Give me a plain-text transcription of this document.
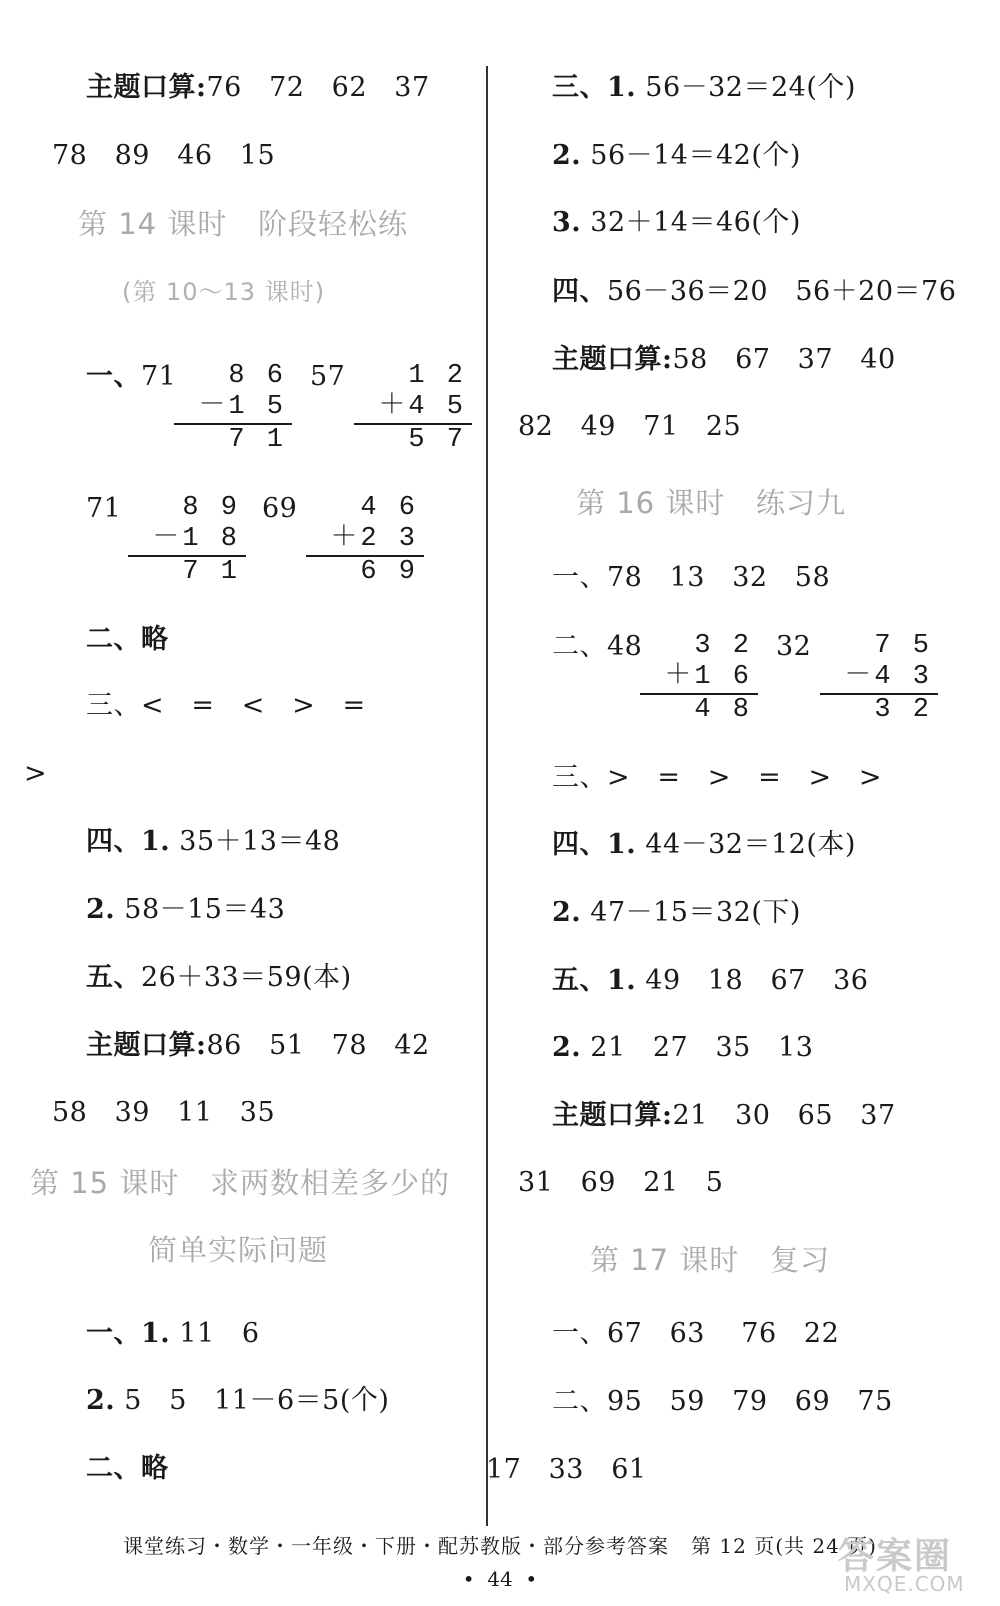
主题口算:76   72   62   37
78   89   46   15
第 14 课时   阶段轻松练
(第 10～13 课时)
一、71	8 6
－1 5
7 1
57	1 2
＋4 5
5 7
71	8 9
－1 8
7 1
69	4 6
＋2 3
6 9
二、略
三、<   =   <   >   =
>
四、1. 35＋13＝48
2. 58－15＝43
五、26＋33＝59(本)
主题口算:86   51   78   42
58   39   11   35
第 15 课时   求两数相差多少的
简单实际问题
一、1. 11   6
2. 5   5   11－6＝5(个)
二、略
三、1. 56－32＝24(个)
2. 56－14＝42(个)
3. 32＋14＝46(个)
四、56－36＝20   56＋20＝76
主题口算:58   67   37   40
82   49   71   25
第 16 课时   练习九
一、78   13   32   58
二、48	3 2
＋1 6
4 8
32	7 5
－4 3
3 2
三、>   =   >   =   >   >
四、1. 44－32＝12(本)
2. 47－15＝32(下)
五、1. 49   18   67   36
2. 21   27   35   13
主题口算:21   30   65   37
31   69   21   5
第 17 课时   复习
一、67   63    76   22
二、95   59   79   69   75
17   33   61
课堂练习・数学・一年级・下册・配苏教版・部分参考答案   第 12 页(共 24 页)
•  44  •
答案圈
MXQE.COM
